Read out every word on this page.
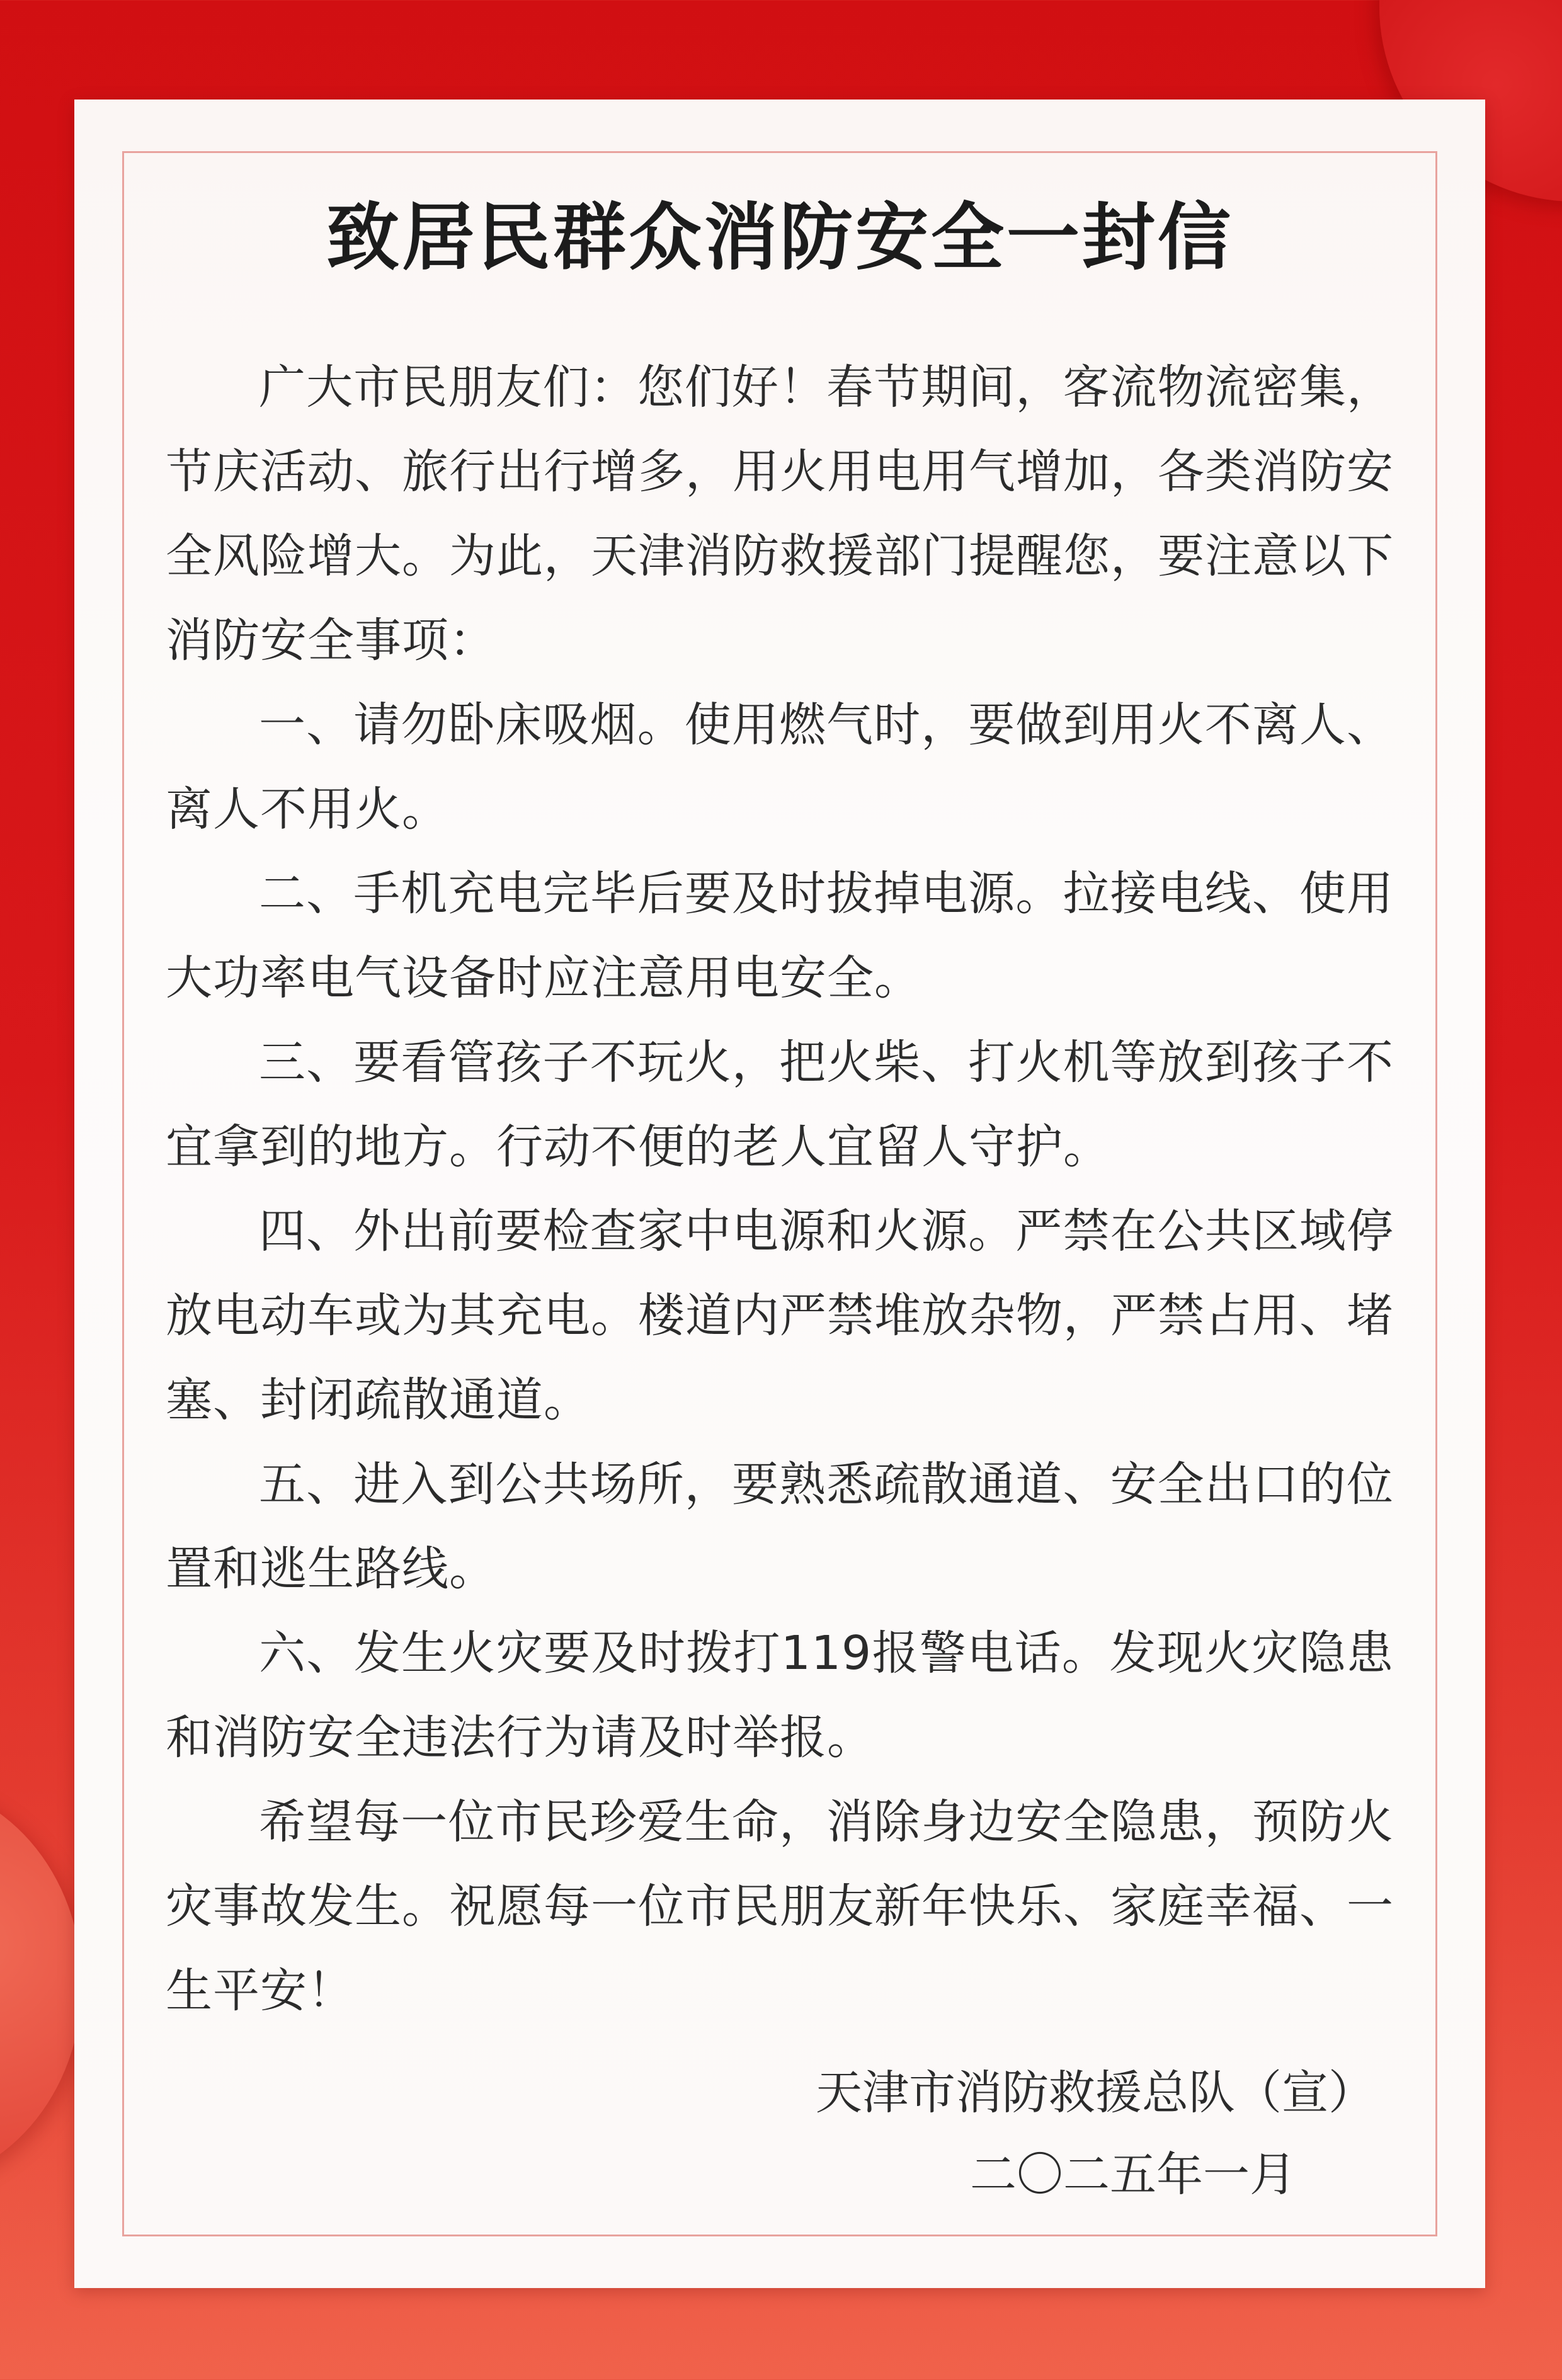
致居民群众消防安全一封信

广大市民朋友们：您们好！春节期间，客流物流密集，节庆活动、旅行出行增多，用火用电用气增加，各类消防安全风险增大。为此，天津消防救援部门提醒您，要注意以下消防安全事项：

一、请勿卧床吸烟。使用燃气时，要做到用火不离人、离人不用火。

二、手机充电完毕后要及时拔掉电源。拉接电线、使用大功率电气设备时应注意用电安全。

三、要看管孩子不玩火，把火柴、打火机等放到孩子不宜拿到的地方。行动不便的老人宜留人守护。

四、外出前要检查家中电源和火源。严禁在公共区域停放电动车或为其充电。楼道内严禁堆放杂物，严禁占用、堵塞、封闭疏散通道。

五、进入到公共场所，要熟悉疏散通道、安全出口的位置和逃生路线。

六、发生火灾要及时拨打119报警电话。发现火灾隐患和消防安全违法行为请及时举报。

希望每一位市民珍爱生命，消除身边安全隐患，预防火灾事故发生。祝愿每一位市民朋友新年快乐、家庭幸福、一生平安！

天津市消防救援总队（宣）
二〇二五年一月
